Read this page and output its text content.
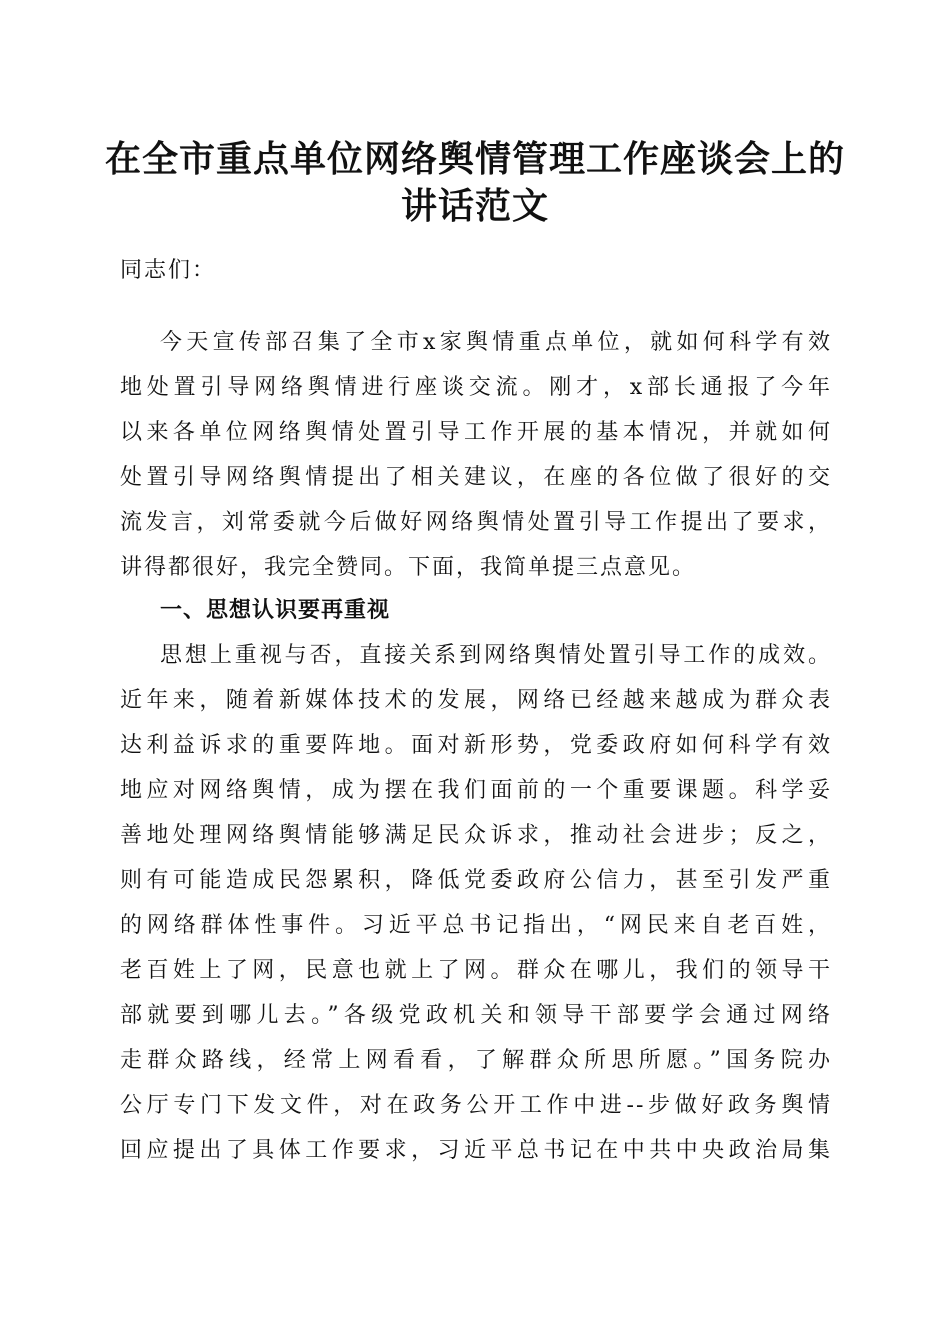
在全市重点单位网络舆情管理工作座谈会上的
讲话范文
同志们：
今天宣传部召集了全市x家舆情重点单位，就如何科学有效
地处置引导网络舆情进行座谈交流。刚才，x部长通报了今年
以来各单位网络舆情处置引导工作开展的基本情况，并就如何
处置引导网络舆情提出了相关建议，在座的各位做了很好的交
流发言，刘常委就今后做好网络舆情处置引导工作提出了要求，
讲得都很好，我完全赞同。下面，我简单提三点意见。
一、思想认识要再重视
思想上重视与否，直接关系到网络舆情处置引导工作的成效。
近年来，随着新媒体技术的发展，网络已经越来越成为群众表
达利益诉求的重要阵地。面对新形势，党委政府如何科学有效
地应对网络舆情，成为摆在我们面前的一个重要课题。科学妥
善地处理网络舆情能够满足民众诉求，推动社会进步；反之，
则有可能造成民怨累积，降低党委政府公信力，甚至引发严重
的网络群体性事件。习近平总书记指出，“网民来自老百姓，
老百姓上了网，民意也就上了网。群众在哪儿，我们的领导干
部就要到哪儿去。”各级党政机关和领导干部要学会通过网络
走群众路线，经常上网看看，了解群众所思所愿。”国务院办
公厅专门下发文件，对在政务公开工作中进--步做好政务舆情
回应提出了具体工作要求，习近平总书记在中共中央政治局集
